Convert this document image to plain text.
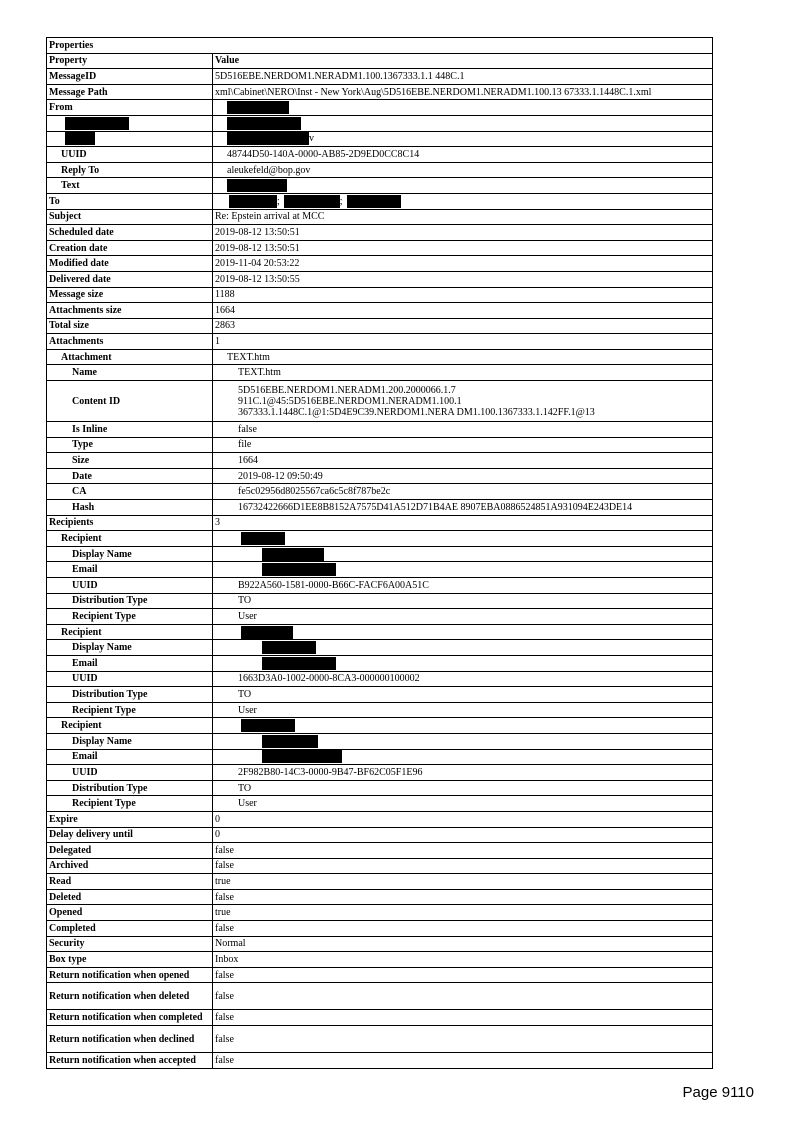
Properties	
Property	Value
MessageID	5D516EBE.NERDOM1.NERADM1.100.1367333.1.1 448C.1
Message Path	xml\Cabinet\NERO\Inst - New York\Aug\5D516EBE.NERDOM1.NERADM1.100.13 67333.1.1448C.1.xml
From	

	v
UUID	48744D50-140A-0000-AB85-2D9ED0CC8C14
Reply To	aleukefeld@bop.gov
Text	
To	; ;
Subject	Re: Epstein arrival at MCC
Scheduled date	2019-08-12 13:50:51
Creation date	2019-08-12 13:50:51
Modified date	2019-11-04 20:53:22
Delivered date	2019-08-12 13:50:55
Message size	1188
Attachments size	1664
Total size	2863
Attachments	1
Attachment	TEXT.htm
Name	TEXT.htm
Content ID	5D516EBE.NERDOM1.NERADM1.200.2000066.1.7
911C.1@45:5D516EBE.NERDOM1.NERADM1.100.1
367333.1.1448C.1@1:5D4E9C39.NERDOM1.NERA DM1.100.1367333.1.142FF.1@13

Is Inline	false
Type	file
Size	1664
Date	2019-08-12 09:50:49
CA	fe5c02956d8025567ca6c5c8f787be2c
Hash	16732422666D1EE8B8152A7575D41A512D71B4AE 8907EBA0886524851A931094E243DE14
Recipients	3
Recipient	
Display Name	
Email	
UUID	B922A560-1581-0000-B66C-FACF6A00A51C
Distribution Type	TO
Recipient Type	User
Recipient	
Display Name	
Email	
UUID	1663D3A0-1002-0000-8CA3-000000100002
Distribution Type	TO
Recipient Type	User
Recipient	
Display Name	
Email	
UUID	2F982B80-14C3-0000-9B47-BF62C05F1E96
Distribution Type	TO
Recipient Type	User
Expire	0
Delay delivery until	0
Delegated	false
Archived	false
Read	true
Deleted	false
Opened	true
Completed	false
Security	Normal
Box type	Inbox
Return notification when opened	false
Return notification when deleted	false
Return notification when completed	false
Return notification when declined	false
Return notification when accepted	false
Page 9110
